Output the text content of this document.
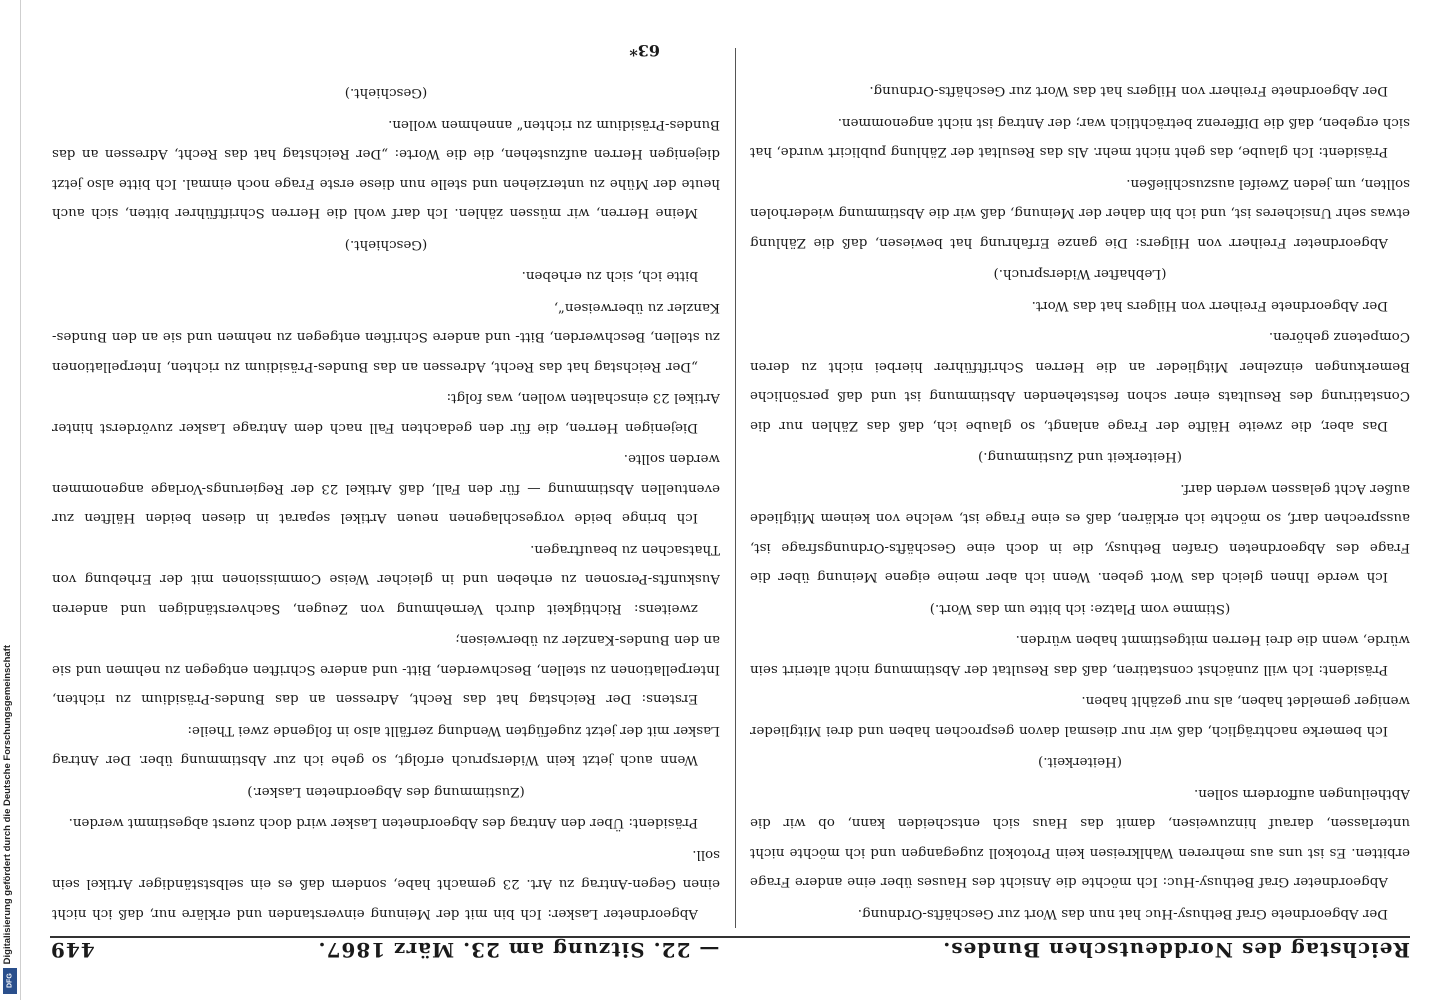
Digitalisierung gefördert durch die Deutsche Forschungsgemeinschaft
DFG
Reichstag des Norddeutschen Bundes.
— 22. Sitzung am 23. März 1867.
449

Der Abgeordnete Graf Bethusy-Huc hat nun das Wort zur Geschäfts-Ordnung.

Abgeordneter Graf Bethusy-Huc: Ich möchte die Ansicht des Hauses über eine andere Frage erbitten. Es ist uns aus mehreren Wahlkreisen kein Protokoll zugegangen und ich möchte nicht unterlassen, darauf hinzuweisen, damit das Haus sich entscheiden kann, ob wir die Abtheilungen auffordern sollen.

(Heiterkeit.)

Ich bemerke nachträglich, daß wir nur diesmal davon gesprochen haben und drei Mitglieder weniger gemeldet haben, als nur gezählt haben.

Präsident: Ich will zunächst constatiren, daß das Resultat der Abstimmung nicht alterirt sein würde, wenn die drei Herren mitgestimmt haben würden.

(Stimme vom Platze: ich bitte um das Wort.)

Ich werde Ihnen gleich das Wort geben. Wenn ich aber meine eigene Meinung über die Frage des Abgeordneten Grafen Bethusy, die in doch eine Geschäfts-Ordnungsfrage ist, aussprechen darf, so möchte ich erklären, daß es eine Frage ist, welche von keinem Mitgliede außer Acht gelassen werden darf.

(Heiterkeit und Zustimmung.)

Das aber, die zweite Hälfte der Frage anlangt, so glaube ich, daß das Zählen nur die Constatirung des Resultats einer schon feststehenden Abstimmung ist und daß persönliche Bemerkungen einzelner Mitglieder an die Herren Schriftführer hierbei nicht zu deren Competenz gehören.

Der Abgeordnete Freiherr von Hilgers hat das Wort.

(Lebhafter Widerspruch.)

Abgeordneter Freiherr von Hilgers: Die ganze Erfahrung hat bewiesen, daß die Zählung etwas sehr Unsicheres ist, und ich bin daher der Meinung, daß wir die Abstimmung wiederholen sollten, um jeden Zweifel auszuschließen.

Präsident: Ich glaube, das geht nicht mehr. Als das Resultat der Zählung publicirt wurde, hat sich ergeben, daß die Differenz beträchtlich war; der Antrag ist nicht angenommen.

Der Abgeordnete Freiherr von Hilgers hat das Wort zur Geschäfts-Ordnung.

Abgeordneter Lasker: Ich bin mit der Meinung einverstanden und erkläre nur, daß ich nicht einen Gegen-Antrag zu Art. 23 gemacht habe, sondern daß es ein selbstständiger Artikel sein soll.

Präsident: Über den Antrag des Abgeordneten Lasker wird doch zuerst abgestimmt werden.

(Zustimmung des Abgeordneten Lasker.)

Wenn auch jetzt kein Widerspruch erfolgt, so gehe ich zur Abstimmung über. Der Antrag Lasker mit der jetzt zugefügten Wendung zerfällt also in folgende zwei Theile:

Erstens: Der Reichstag hat das Recht, Adressen an das Bundes-Präsidium zu richten, Interpellationen zu stellen, Beschwerden, Bitt- und andere Schriften entgegen zu nehmen und sie an den Bundes-Kanzler zu überweisen;

zweitens: Richtigkeit durch Vernehmung von Zeugen, Sachverständigen und anderen Auskunfts-Personen zu erheben und in gleicher Weise Commissionen mit der Erhebung von Thatsachen zu beauftragen.

Ich bringe beide vorgeschlagenen neuen Artikel separat in diesen beiden Hälften zur eventuellen Abstimmung — für den Fall, daß Artikel 23 der Regierungs-Vorlage angenommen werden sollte.

Diejenigen Herren, die für den gedachten Fall nach dem Antrage Lasker zuvörderst hinter Artikel 23 einschalten wollen, was folgt:

„Der Reichstag hat das Recht, Adressen an das Bundes-Präsidium zu richten, Interpellationen zu stellen, Beschwerden, Bitt- und andere Schriften entgegen zu nehmen und sie an den Bundes-Kanzler zu überweisen“,

bitte ich, sich zu erheben.

(Geschieht.)

Meine Herren, wir müssen zählen. Ich darf wohl die Herren Schriftführer bitten, sich auch heute der Mühe zu unterziehen und stelle nun diese erste Frage noch einmal. Ich bitte also jetzt diejenigen Herren aufzustehen, die die Worte: „Der Reichstag hat das Recht, Adressen an das Bundes-Präsidium zu richten“ annehmen wollen.

(Geschieht.)

63*
